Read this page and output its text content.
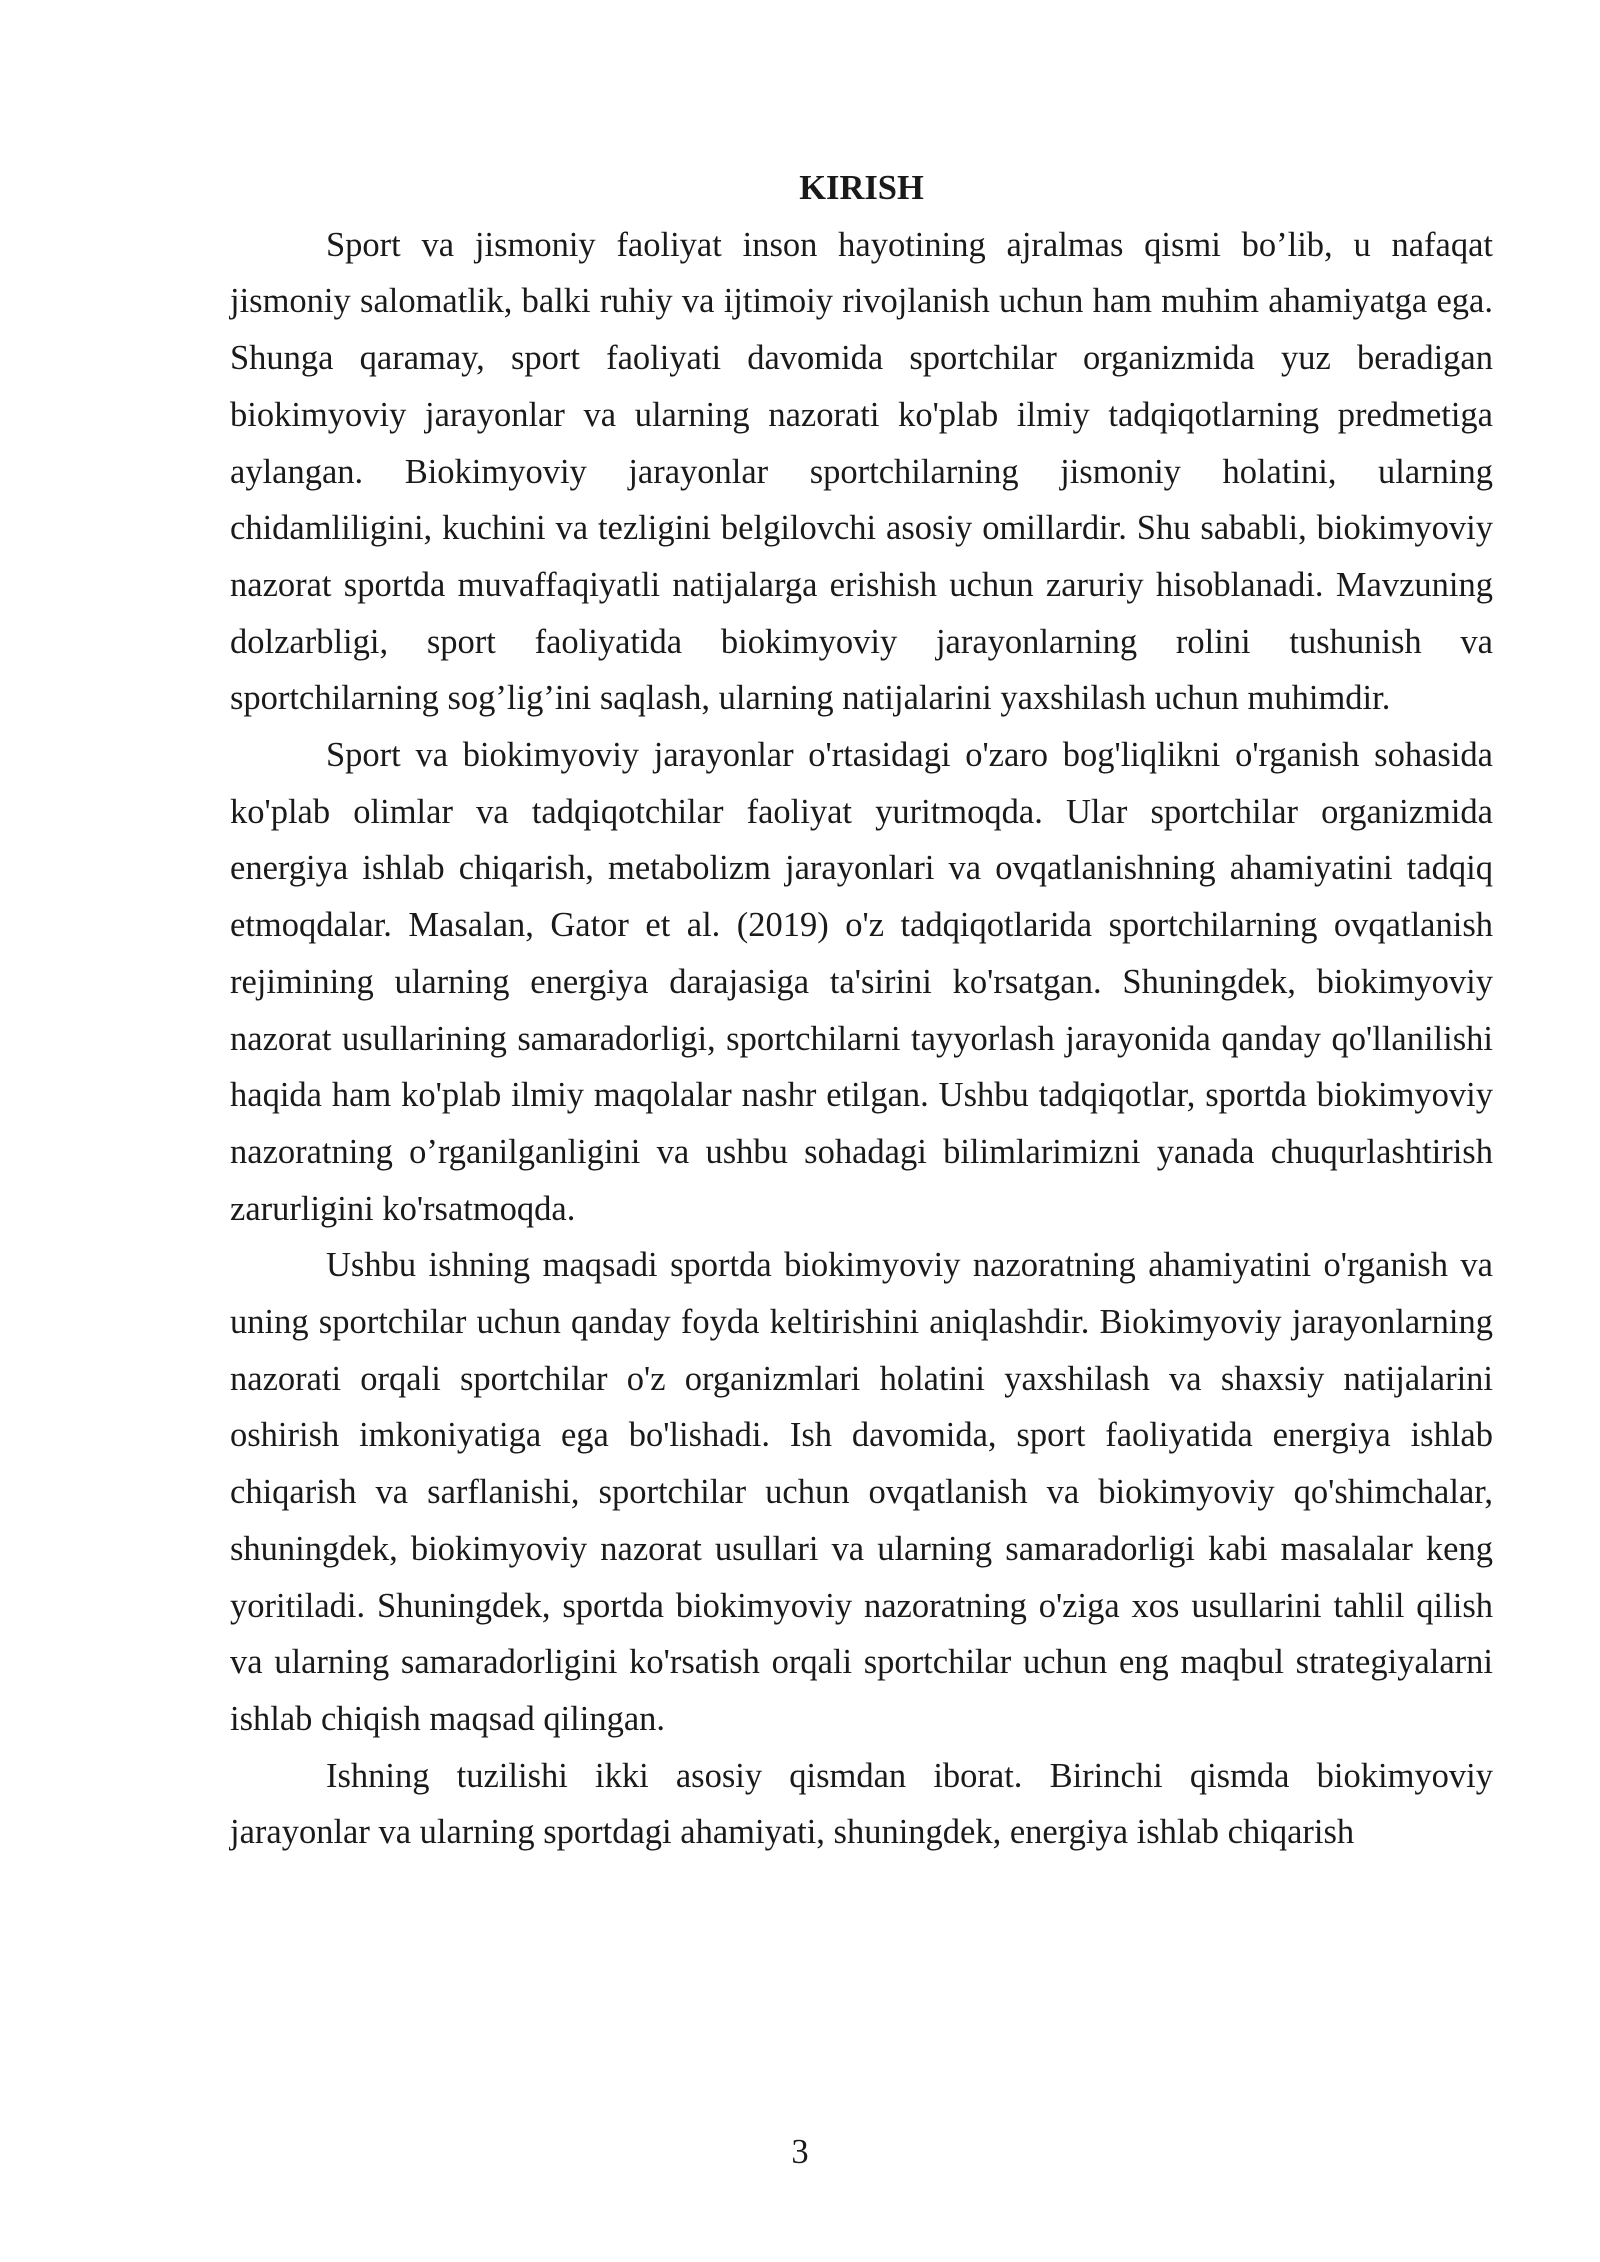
KIRISH

Sport va jismoniy faoliyat inson hayotining ajralmas qismi bo’lib, u nafaqat jismoniy salomatlik, balki ruhiy va ijtimoiy rivojlanish uchun ham muhim ahamiyatga ega. Shunga qaramay, sport faoliyati davomida sportchilar organizmida yuz beradigan biokimyoviy jarayonlar va ularning nazorati ko'plab ilmiy tadqiqotlarning predmetiga aylangan. Biokimyoviy jarayonlar sportchilarning jismoniy holatini, ularning chidamliligini, kuchini va tezligini belgilovchi asosiy omillardir. Shu sababli, biokimyoviy nazorat sportda muvaffaqiyatli natijalarga erishish uchun zaruriy hisoblanadi. Mavzuning dolzarbligi, sport faoliyatida biokimyoviy jarayonlarning rolini tushunish va sportchilarning sog’lig’ini saqlash, ularning natijalarini yaxshilash uchun muhimdir.

Sport va biokimyoviy jarayonlar o'rtasidagi o'zaro bog'liqlikni o'rganish sohasida ko'plab olimlar va tadqiqotchilar faoliyat yuritmoqda. Ular sportchilar organizmida energiya ishlab chiqarish, metabolizm jarayonlari va ovqatlanishning ahamiyatini tadqiq etmoqdalar. Masalan, Gator et al. (2019) o'z tadqiqotlarida sportchilarning ovqatlanish rejimining ularning energiya darajasiga ta'sirini ko'rsatgan. Shuningdek, biokimyoviy nazorat usullarining samaradorligi, sportchilarni tayyorlash jarayonida qanday qo'llanilishi haqida ham ko'plab ilmiy maqolalar nashr etilgan. Ushbu tadqiqotlar, sportda biokimyoviy nazoratning o’rganilganligini va ushbu sohadagi bilimlarimizni yanada chuqurlashtirish zarurligini ko'rsatmoqda.

Ushbu ishning maqsadi sportda biokimyoviy nazoratning ahamiyatini o'rganish va uning sportchilar uchun qanday foyda keltirishini aniqlashdir. Biokimyoviy jarayonlarning nazorati orqali sportchilar o'z organizmlari holatini yaxshilash va shaxsiy natijalarini oshirish imkoniyatiga ega bo'lishadi. Ish davomida, sport faoliyatida energiya ishlab chiqarish va sarflanishi, sportchilar uchun ovqatlanish va biokimyoviy qo'shimchalar, shuningdek, biokimyoviy nazorat usullari va ularning samaradorligi kabi masalalar keng yoritiladi. Shuningdek, sportda biokimyoviy nazoratning o'ziga xos usullarini tahlil qilish va ularning samaradorligini ko'rsatish orqali sportchilar uchun eng maqbul strategiyalarni ishlab chiqish maqsad qilingan.

Ishning tuzilishi ikki asosiy qismdan iborat. Birinchi qismda biokimyoviy jarayonlar va ularning sportdagi ahamiyati, shuningdek, energiya ishlab chiqarish

3
